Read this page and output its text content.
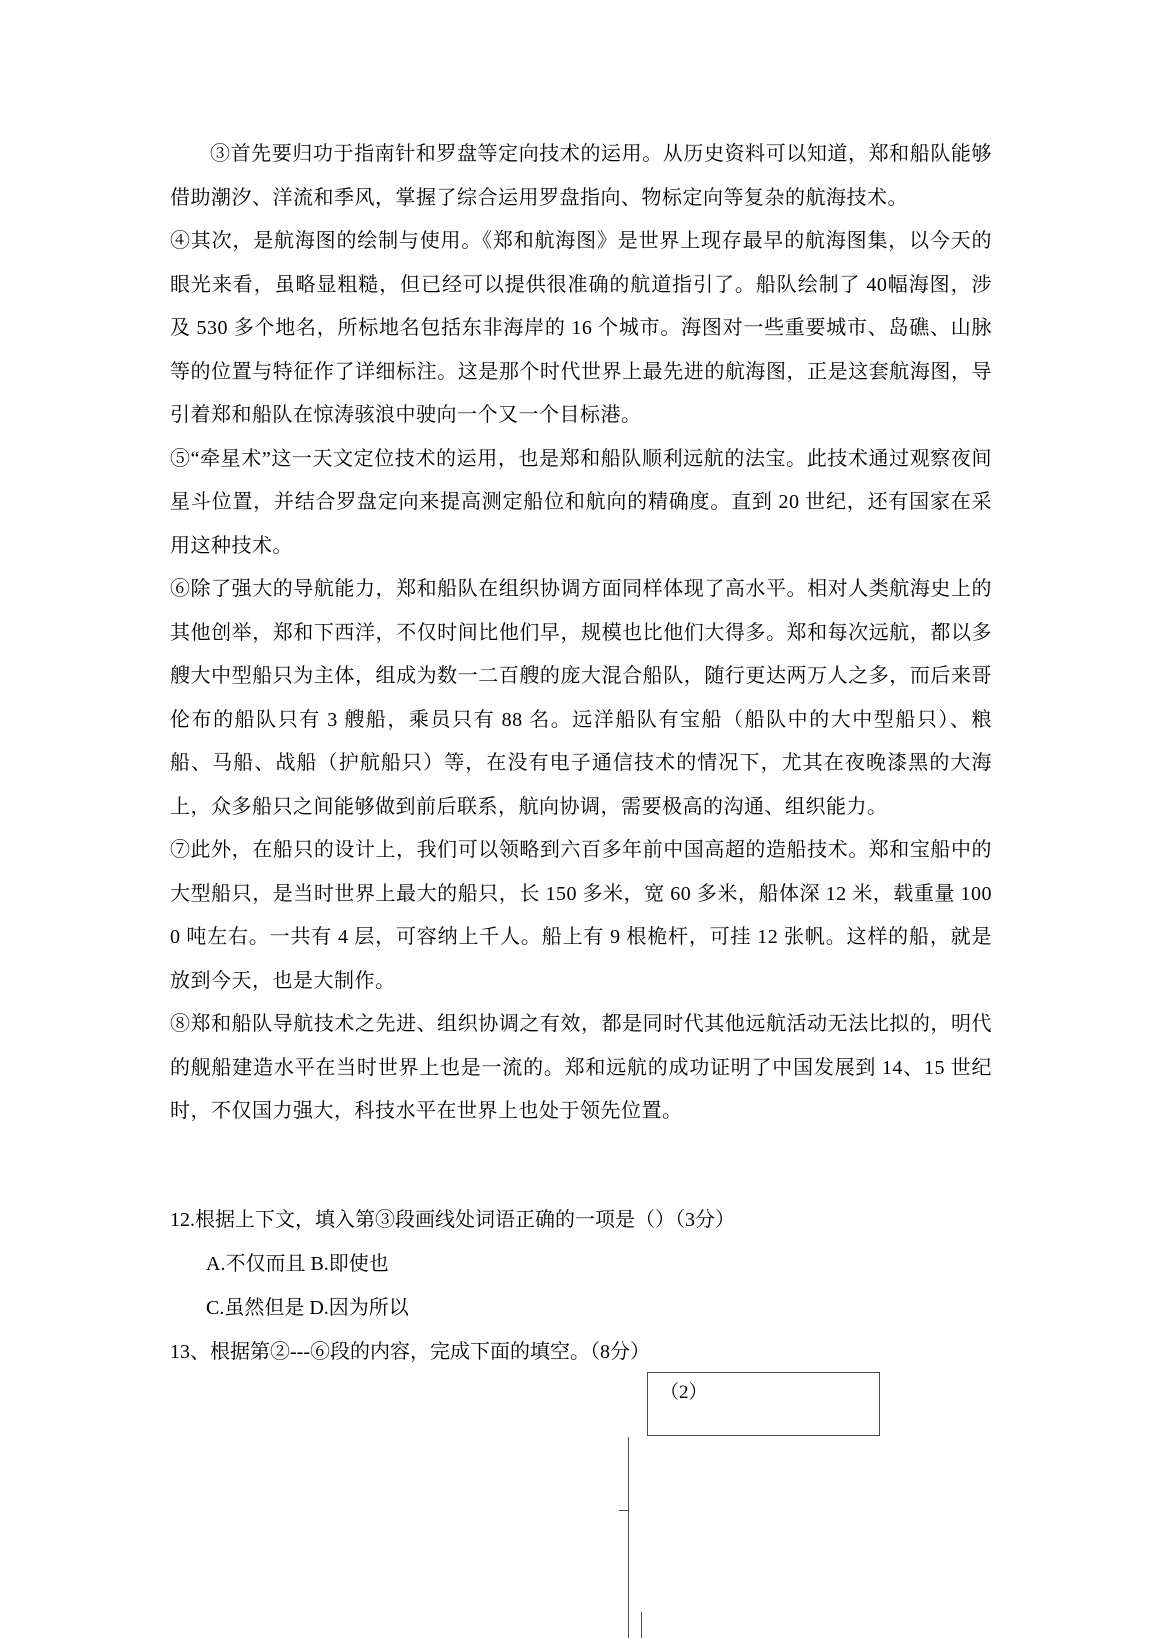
③首先要归功于指南针和罗盘等定向技术的运用。从历史资料可以知道，郑和船队能够借助潮汐、洋流和季风，掌握了综合运用罗盘指向、物标定向等复杂的航海技术。

④其次，是航海图的绘制与使用。《郑和航海图》是世界上现存最早的航海图集，以今天的眼光来看，虽略显粗糙，但已经可以提供很准确的航道指引了。船队绘制了 40幅海图，涉及 530 多个地名，所标地名包括东非海岸的 16 个城市。海图对一些重要城市、岛礁、山脉等的位置与特征作了详细标注。这是那个时代世界上最先进的航海图，正是这套航海图，导引着郑和船队在惊涛骇浪中驶向一个又一个目标港。

⑤“牵星术”这一天文定位技术的运用，也是郑和船队顺利远航的法宝。此技术通过观察夜间星斗位置，并结合罗盘定向来提高测定船位和航向的精确度。直到 20 世纪，还有国家在采用这种技术。

⑥除了强大的导航能力，郑和船队在组织协调方面同样体现了高水平。相对人类航海史上的其他创举，郑和下西洋，不仅时间比他们早，规模也比他们大得多。郑和每次远航，都以多艘大中型船只为主体，组成为数一二百艘的庞大混合船队，随行更达两万人之多，而后来哥伦布的船队只有 3 艘船，乘员只有 88 名。远洋船队有宝船（船队中的大中型船只）、粮船、马船、战船（护航船只）等，在没有电子通信技术的情况下，尤其在夜晚漆黑的大海上，众多船只之间能够做到前后联系，航向协调，需要极高的沟通、组织能力。

⑦此外，在船只的设计上，我们可以领略到六百多年前中国高超的造船技术。郑和宝船中的大型船只，是当时世界上最大的船只，长 150 多米，宽 60 多米，船体深 12 米，载重量 1000 吨左右。一共有 4 层，可容纳上千人。船上有 9 根桅杆，可挂 12 张帆。这样的船，就是放到今天，也是大制作。

⑧郑和船队导航技术之先进、组织协调之有效，都是同时代其他远航活动无法比拟的，明代的舰船建造水平在当时世界上也是一流的。郑和远航的成功证明了中国发展到 14、15 世纪时，不仅国力强大，科技水平在世界上也处于领先位置。

12.根据上下文，填入第③段画线处词语正确的一项是（）（3分）

A.不仅而且 B.即使也

C.虽然但是 D.因为所以

13、根据第②---⑥段的内容，完成下面的填空。（8分）

（2）
